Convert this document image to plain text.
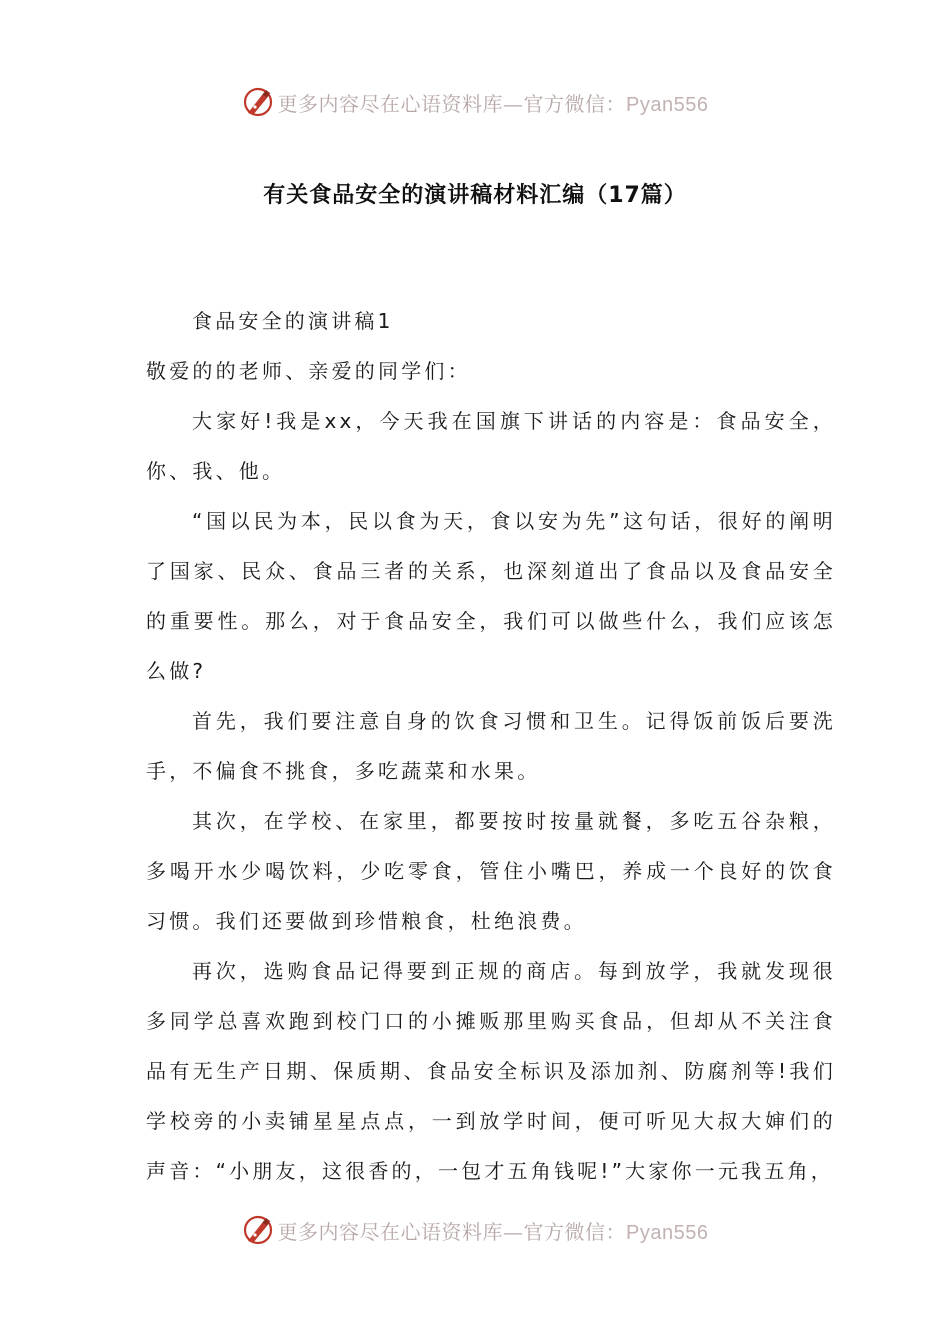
更多内容尽在心语资料库—官方微信：Pyan556
有关食品安全的演讲稿材料汇编（17篇）

食品安全的演讲稿1

敬爱的的老师、亲爱的同学们：

大家好!我是xx，今天我在国旗下讲话的内容是：食品安全，你、我、他。

“国以民为本，民以食为天，食以安为先”这句话，很好的阐明了国家、民众、食品三者的关系，也深刻道出了食品以及食品安全的重要性。那么，对于食品安全，我们可以做些什么，我们应该怎么做?

首先，我们要注意自身的饮食习惯和卫生。记得饭前饭后要洗手，不偏食不挑食，多吃蔬菜和水果。

其次，在学校、在家里，都要按时按量就餐，多吃五谷杂粮，多喝开水少喝饮料，少吃零食，管住小嘴巴，养成一个良好的饮食习惯。我们还要做到珍惜粮食，杜绝浪费。

再次，选购食品记得要到正规的商店。每到放学，我就发现很多同学总喜欢跑到校门口的小摊贩那里购买食品，但却从不关注食品有无生产日期、保质期、食品安全标识及添加剂、防腐剂等!我们学校旁的小卖铺星星点点，一到放学时间，便可听见大叔大婶们的声音：“小朋友，这很香的，一包才五角钱呢!”大家你一元我五角，

更多内容尽在心语资料库—官方微信：Pyan556
